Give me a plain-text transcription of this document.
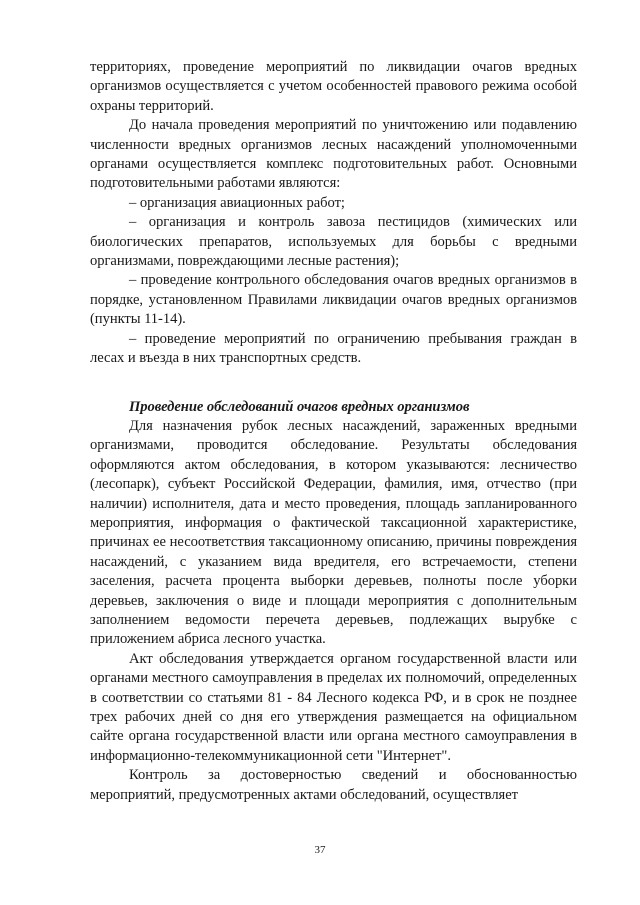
территориях, проведение мероприятий по ликвидации очагов вредных организмов осуществляется с учетом особенностей правового режима особой охраны территорий.

До начала проведения мероприятий по уничтожению или подавлению численности вредных организмов лесных насаждений уполномоченными органами осуществляется комплекс подготовительных работ. Основными подготовительными работами являются:

– организация авиационных работ;

– организация и контроль завоза пестицидов (химических или биологических препаратов, используемых для борьбы с вредными организмами, повреждающими лесные растения);

– проведение контрольного обследования очагов вредных организмов в порядке, установленном Правилами ликвидации очагов вредных организмов (пункты 11-14).

– проведение мероприятий по ограничению пребывания граждан в лесах и въезда в них транспортных средств.

Проведение обследований очагов вредных организмов

Для назначения рубок лесных насаждений, зараженных вредными организмами, проводится обследование. Результаты обследования оформляются актом обследования, в котором указываются: лесничество (лесопарк), субъект Российской Федерации, фамилия, имя, отчество (при наличии) исполнителя, дата и место проведения, площадь запланированного мероприятия, информация о фактической таксационной характеристике, причинах ее несоответствия таксационному описанию, причины повреждения насаждений, с указанием вида вредителя, его встречаемости, степени заселения, расчета процента выборки деревьев, полноты после уборки деревьев, заключения о виде и площади мероприятия с дополнительным заполнением ведомости перечета деревьев, подлежащих вырубке с приложением абриса лесного участка.

Акт обследования утверждается органом государственной власти или органами местного самоуправления в пределах их полномочий, определенных в соответствии со статьями 81 - 84 Лесного кодекса РФ, и в срок не позднее трех рабочих дней со дня его утверждения размещается на официальном сайте органа государственной власти или органа местного самоуправления в информационно-телекоммуникационной сети "Интернет".

Контроль за достоверностью сведений и обоснованностью мероприятий, предусмотренных актами обследований, осуществляет

37
